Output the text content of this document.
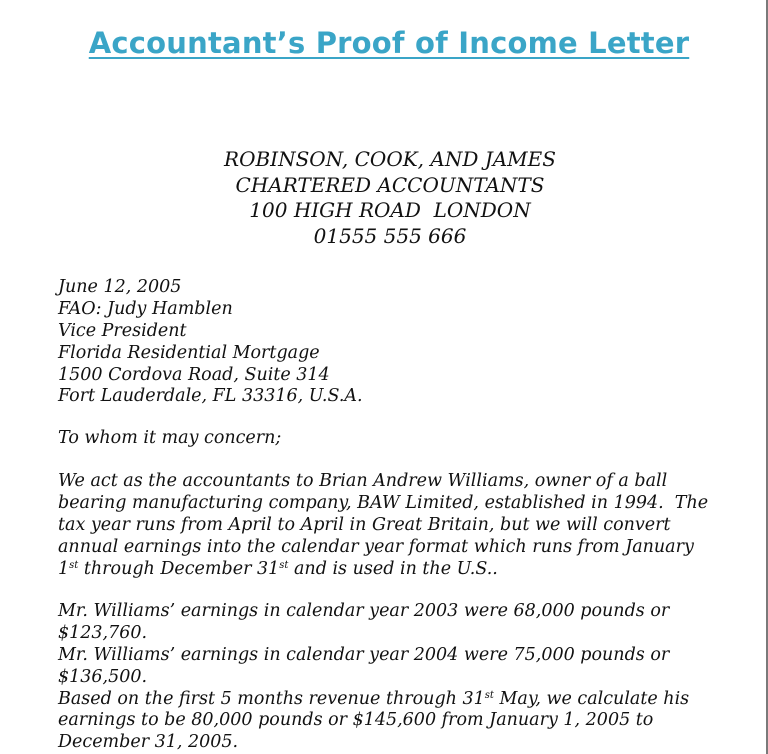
Accountant’s Proof of Income Letter
ROBINSON, COOK, AND JAMES
CHARTERED ACCOUNTANTS
100 HIGH ROAD  LONDON
01555 555 666
June 12, 2005
FAO: Judy Hamblen
Vice President
Florida Residential Mortgage
1500 Cordova Road, Suite 314
Fort Lauderdale, FL 33316, U.S.A.
To whom it may concern;
We act as the accountants to Brian Andrew Williams, owner of a ball
bearing manufacturing company, BAW Limited, established in 1994.  The
tax year runs from April to April in Great Britain, but we will convert
annual earnings into the calendar year format which runs from January
1st through December 31st and is used in the U.S..
Mr. Williams’ earnings in calendar year 2003 were 68,000 pounds or
$123,760.
Mr. Williams’ earnings in calendar year 2004 were 75,000 pounds or
$136,500.
Based on the first 5 months revenue through 31st May, we calculate his
earnings to be 80,000 pounds or $145,600 from January 1, 2005 to
December 31, 2005.
